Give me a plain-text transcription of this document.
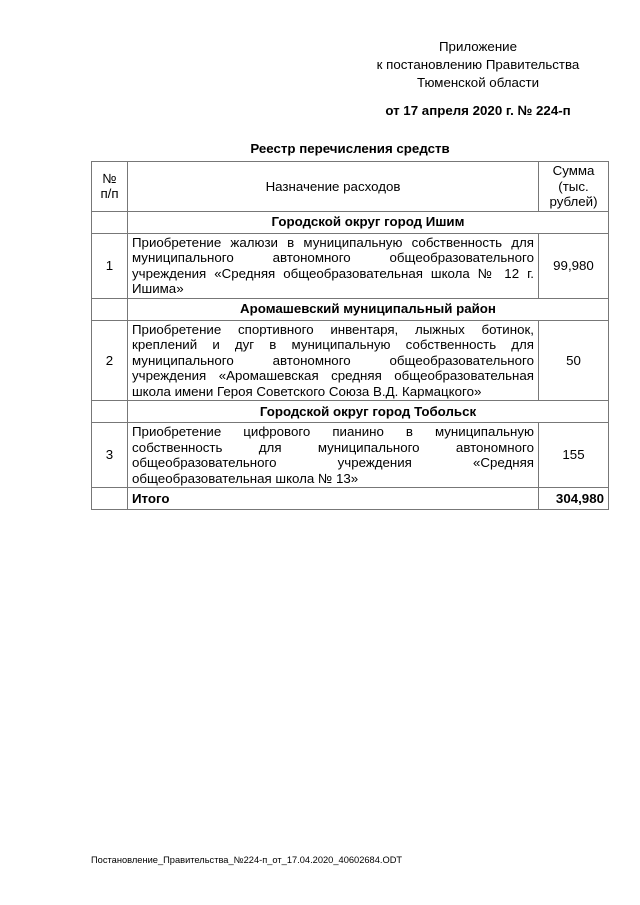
Приложение
к постановлению Правительства
Тюменской области
от 17 апреля 2020 г. № 224-п
Реестр перечисления средств
№ п/п	Назначение расходов	Сумма (тыс. рублей)
	Городской округ город Ишим	
1	Приобретение жалюзи в муниципальную собственность для муниципального автономного общеобразовательного учреждения «Средняя общеобразовательная школа № 12 г. Ишима»	99,980
	Аромашевский муниципальный район	
2	Приобретение спортивного инвентаря, лыжных ботинок, креплений и дуг в муниципальную собственность для муниципального автономного общеобразовательного учреждения «Аромашевская средняя общеобразовательная школа имени Героя Советского Союза В.Д. Кармацкого»	50
	Городской округ город Тобольск	
3	Приобретение цифрового пианино в муниципальную собственность для муниципального автономного общеобразовательного учреждения «Средняя общеобразовательная школа № 13»	155
	Итого	304,980
Постановление_Правительства_№224-п_от_17.04.2020_40602684.ODT
